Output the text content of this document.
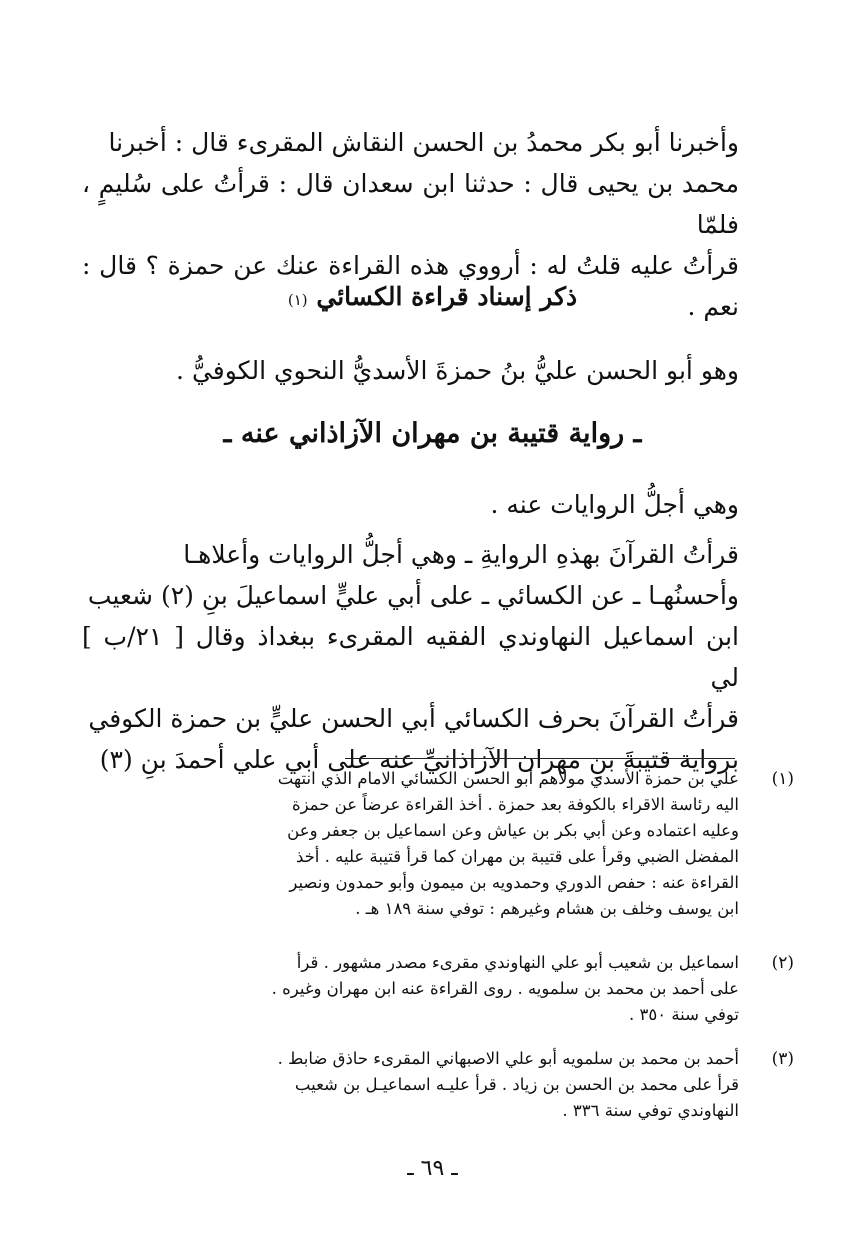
وأخبرنا أبو بكر محمدُ بن الحسن النقاش المقرىء قال : أخبرنا
محمد بن يحيى قال : حدثنا ابن سعدان قال : قرأتُ على سُليمٍ ، فلمّا
قرأتُ عليه قلتُ له : أرووي هذه القراءة عنك عن حمزة ؟ قال : نعم .
ذكر إسناد قراءة الكسائي (١)
وهو أبو الحسن عليُّ بنُ حمزةَ الأسديُّ النحوي الكوفيُّ .
ـ رواية قتيبة بن مهران الآزاذاني عنه ـ
وهي أجلُّ الروايات عنه .
قرأتُ القرآنَ بهذهِ الروايةِ ـ وهي أجلُّ الروايات وأعلاهـا
وأحسنُهـا ـ عن الكسائي ـ على أبي عليٍّ اسماعيلَ بنِ (٢) شعيب
ابن اسماعيل النهاوندي الفقيه المقرىء ببغداذ وقال [ ٢١/ب ] لي
قرأتُ القرآنَ بحرف الكسائي أبي الحسن عليٍّ بن حمزة الكوفي
برواية قتيبةَ بنِ مهران الآزاذانيِّ عنه على أبي علي أحمدَ بنِ (٣)
(١)
علي بن حمزة الأسدي مولاهم أبو الحسن الكسائي الامام الذي انتهت
اليه رئاسة الاقراء بالكوفة بعد حمزة . أخذ القراءة عرضاً عن حمزة
وعليه اعتماده وعن أبي بكر بن عياش وعن اسماعيل بن جعفر وعن
المفضل الضبي وقرأ على قتيبة بن مهران كما قرأ قتيبة عليه . أخذ
القراءة عنه : حفص الدوري وحمدويه بن ميمون وأبو حمدون ونصير
ابن يوسف وخلف بن هشام وغيرهم : توفي سنة ١٨٩ هـ .
(٢)
اسماعيل بن شعيب أبو علي النهاوندي مقرىء مصدر مشهور . قرأ
على أحمد بن محمد بن سلمويه . روى القراءة عنه ابن مهران وغيره .
توفي سنة ٣٥٠ .
(٣)
أحمد بن محمد بن سلمويه أبو علي الاصبهاني المقرىء حاذق ضابط .
قرأ على محمد بن الحسن بن زياد . قرأ عليـه اسماعيـل بن شعيب
النهاوندي توفي سنة ٣٣٦ .
ـ ٦٩ ـ
